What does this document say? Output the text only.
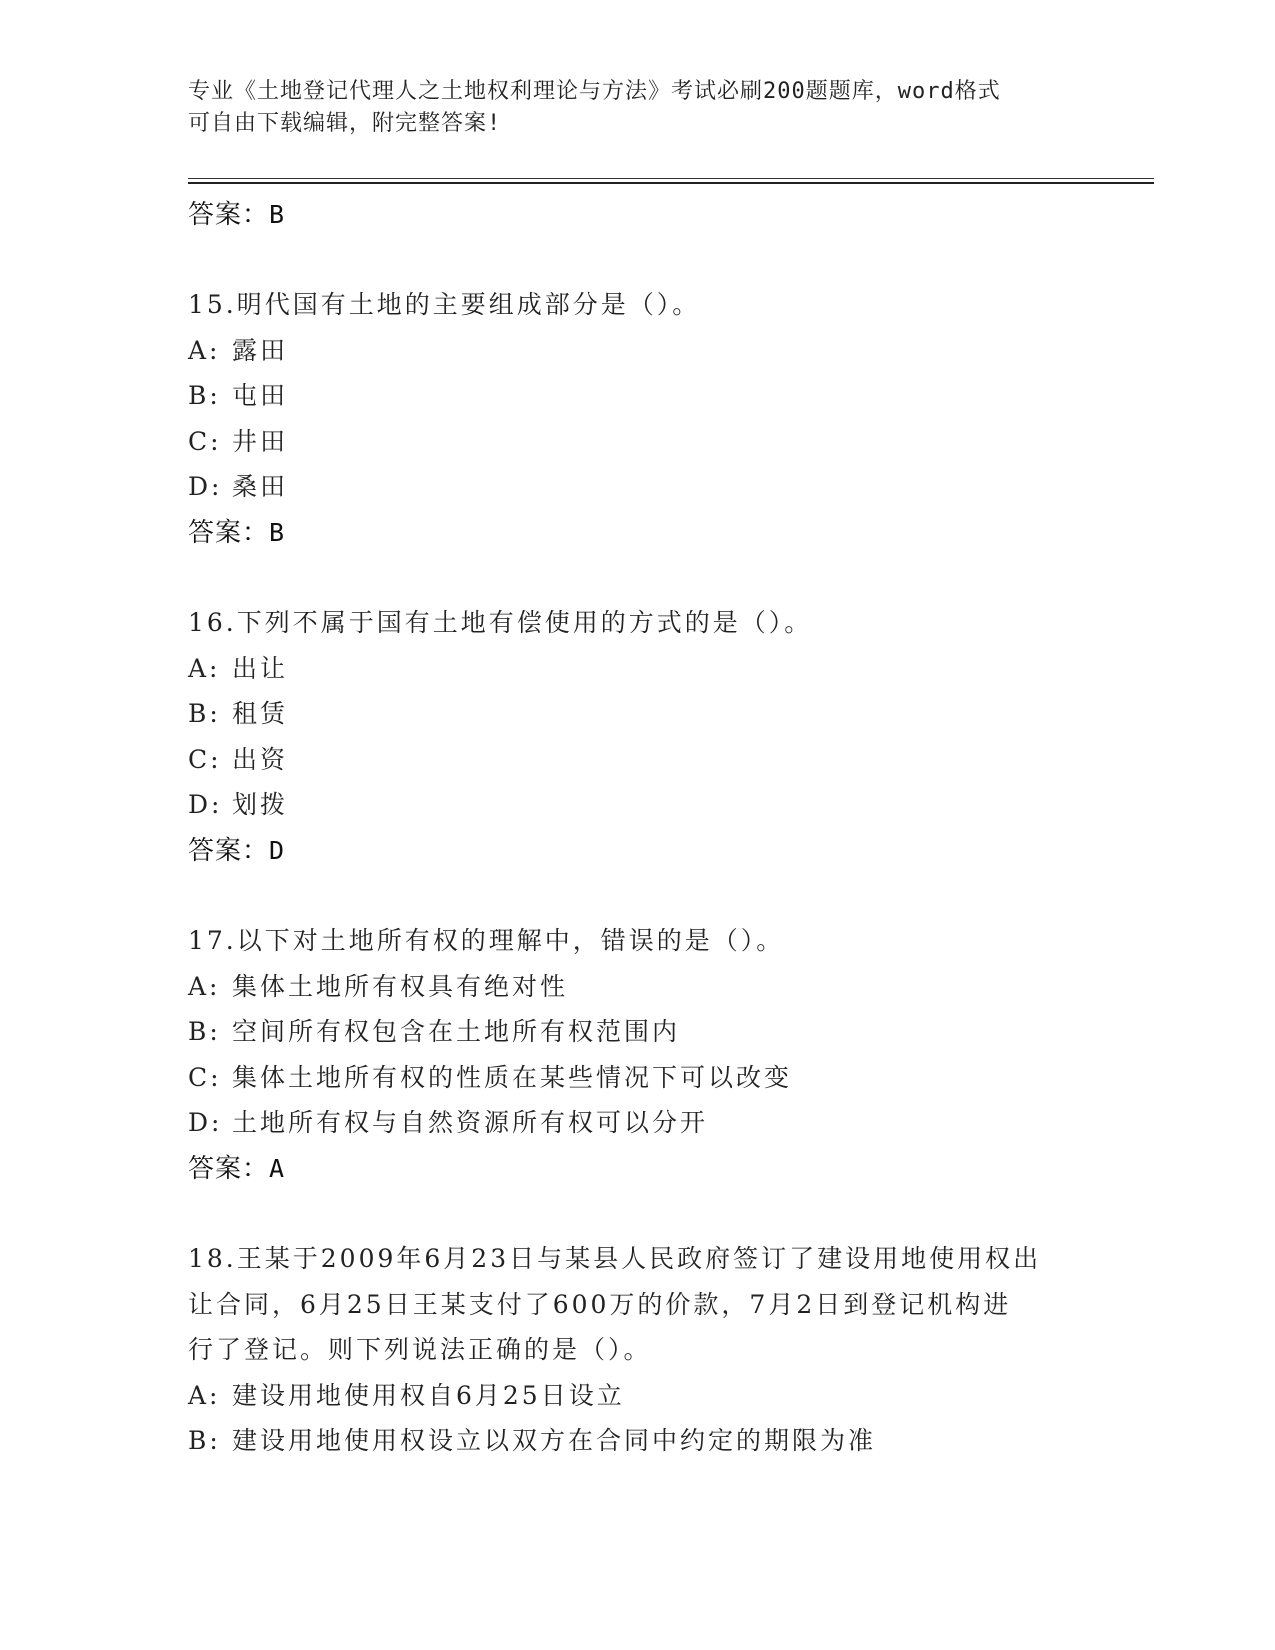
专业《土地登记代理人之土地权利理论与方法》考试必刷200题题库，word格式
可自由下载编辑，附完整答案!
答案：B
15.明代国有土地的主要组成部分是（）。
A: 露田
B: 屯田
C: 井田
D: 桑田
答案：B
16.下列不属于国有土地有偿使用的方式的是（）。
A: 出让
B: 租赁
C: 出资
D: 划拨
答案：D
17.以下对土地所有权的理解中，错误的是（）。
A: 集体土地所有权具有绝对性
B: 空间所有权包含在土地所有权范围内
C: 集体土地所有权的性质在某些情况下可以改变
D: 土地所有权与自然资源所有权可以分开
答案：A
18.王某于2009年6月23日与某县人民政府签订了建设用地使用权出
让合同，6月25日王某支付了600万的价款，7月2日到登记机构进
行了登记。则下列说法正确的是（）。
A: 建设用地使用权自6月25日设立
B: 建设用地使用权设立以双方在合同中约定的期限为准
